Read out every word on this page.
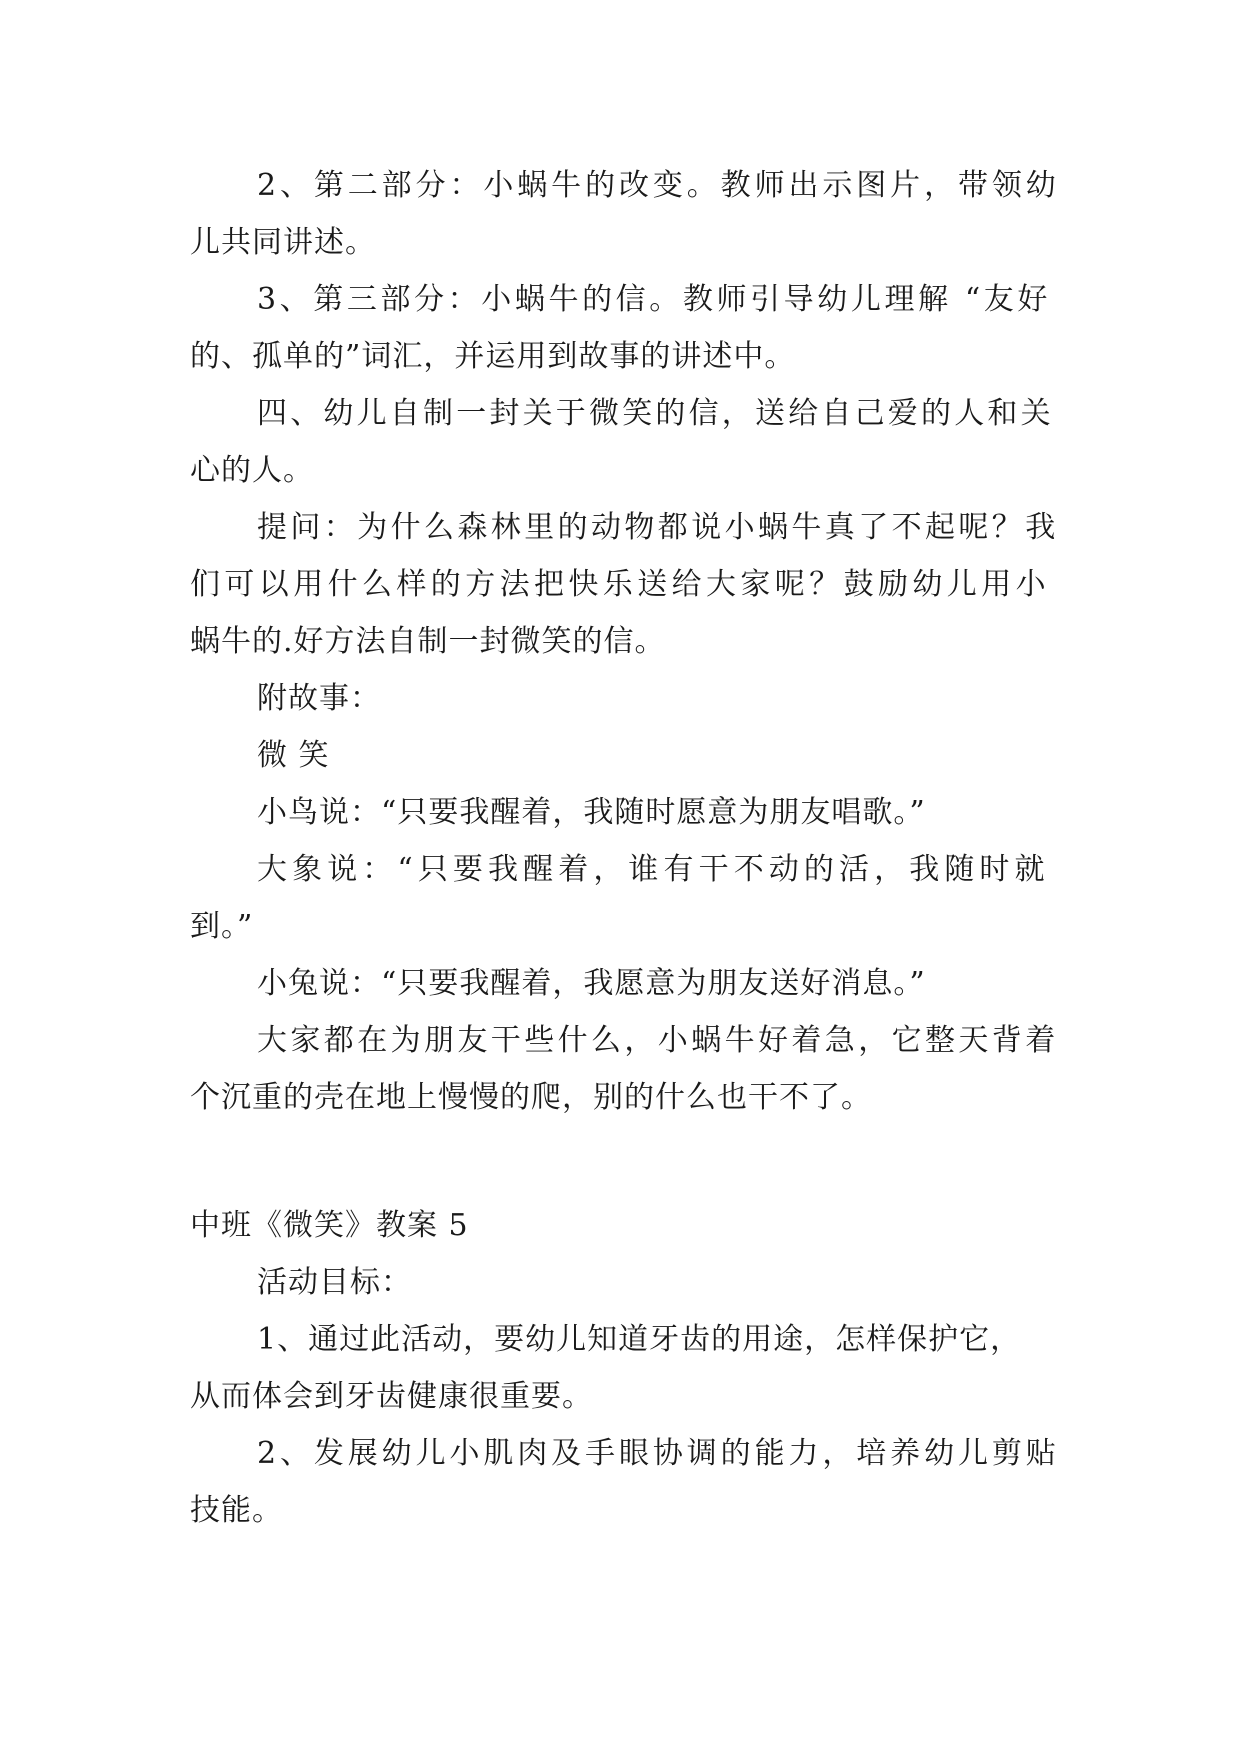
2、第二部分：小蜗牛的改变。教师出示图片，带领幼
儿共同讲述。
3、第三部分：小蜗牛的信。教师引导幼儿理解 “友好
的、孤单的”词汇，并运用到故事的讲述中。
四、幼儿自制一封关于微笑的信，送给自己爱的人和关
心的人。
提问：为什么森林里的动物都说小蜗牛真了不起呢？我
们可以用什么样的方法把快乐送给大家呢？鼓励幼儿用小
蜗牛的.好方法自制一封微笑的信。
附故事：
微 笑
小鸟说：“只要我醒着，我随时愿意为朋友唱歌。”
大象说：“只要我醒着，谁有干不动的活，我随时就
到。”
小兔说：“只要我醒着，我愿意为朋友送好消息。”
大家都在为朋友干些什么，小蜗牛好着急，它整天背着
个沉重的壳在地上慢慢的爬，别的什么也干不了。
中班《微笑》教案 5
活动目标：
1、通过此活动，要幼儿知道牙齿的用途，怎样保护它，
从而体会到牙齿健康很重要。
2、发展幼儿小肌肉及手眼协调的能力，培养幼儿剪贴
技能。
